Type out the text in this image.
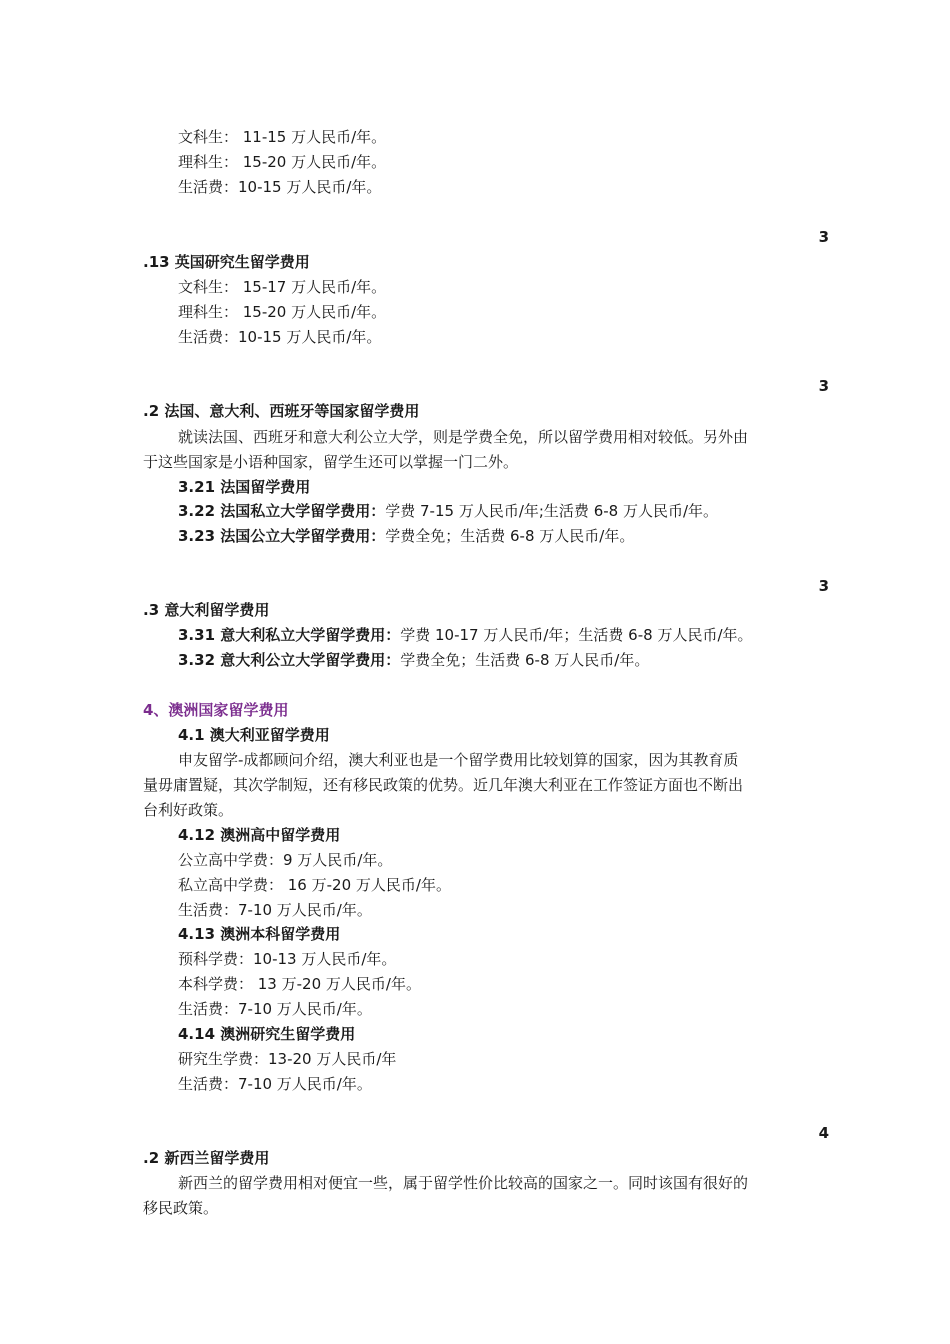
文科生： 11-15 万人民币/年。
理科生： 15-20 万人民币/年。
生活费：10-15 万人民币/年。
3
.13 英国研究生留学费用
文科生： 15-17 万人民币/年。
理科生： 15-20 万人民币/年。
生活费：10-15 万人民币/年。
3
.2 法国、意大利、西班牙等国家留学费用
就读法国、西班牙和意大利公立大学，则是学费全免，所以留学费用相对较低。另外由
于这些国家是小语种国家，留学生还可以掌握一门二外。
3.21 法国留学费用
3.22 法国私立大学留学费用：学费 7-15 万人民币/年;生活费 6-8 万人民币/年。
3.23 法国公立大学留学费用：学费全免；生活费 6-8 万人民币/年。
3
.3 意大利留学费用
3.31 意大利私立大学留学费用：学费 10-17 万人民币/年；生活费 6-8 万人民币/年。
3.32 意大利公立大学留学费用：学费全免；生活费 6-8 万人民币/年。
4、澳洲国家留学费用
4.1 澳大利亚留学费用
申友留学-成都顾问介绍，澳大利亚也是一个留学费用比较划算的国家，因为其教育质
量毋庸置疑，其次学制短，还有移民政策的优势。近几年澳大利亚在工作签证方面也不断出
台利好政策。
4.12 澳洲高中留学费用
公立高中学费：9 万人民币/年。
私立高中学费： 16 万-20 万人民币/年。
生活费：7-10 万人民币/年。
4.13 澳洲本科留学费用
预科学费：10-13 万人民币/年。
本科学费： 13 万-20 万人民币/年。
生活费：7-10 万人民币/年。
4.14 澳洲研究生留学费用
研究生学费：13-20 万人民币/年
生活费：7-10 万人民币/年。
4
.2 新西兰留学费用
新西兰的留学费用相对便宜一些，属于留学性价比较高的国家之一。同时该国有很好的
移民政策。
